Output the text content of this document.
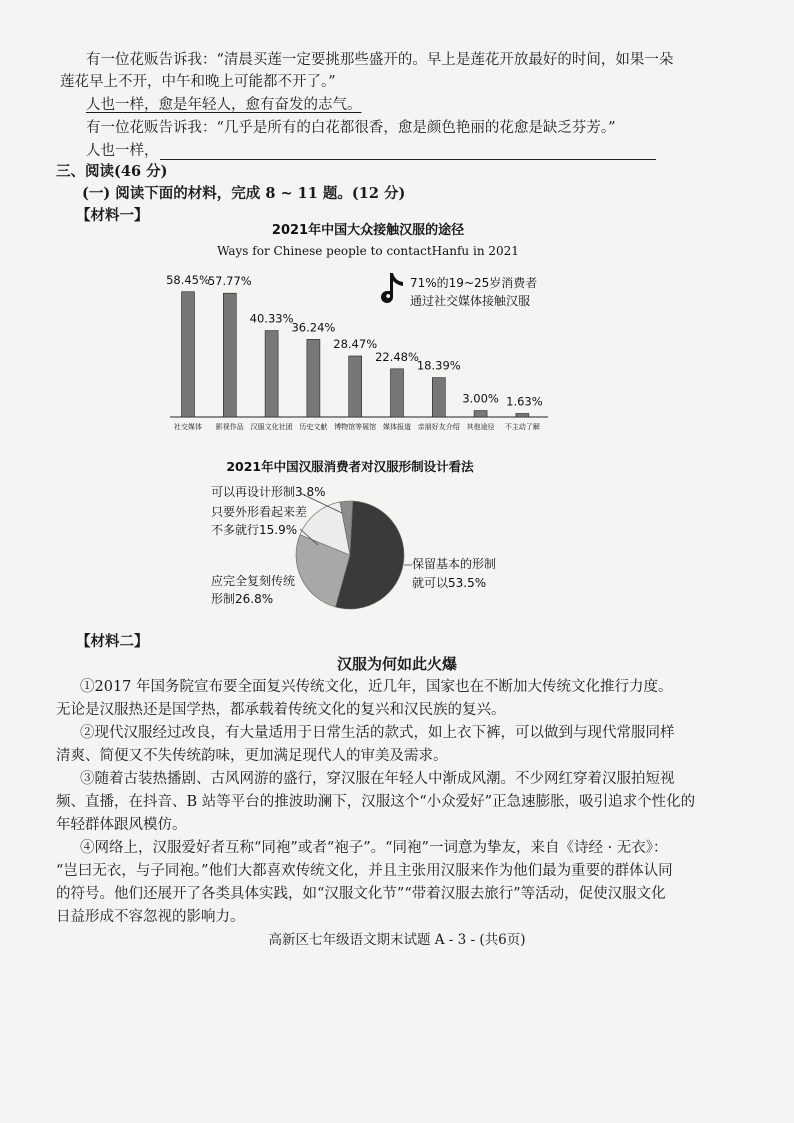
有一位花贩告诉我：“清晨买莲一定要挑那些盛开的。早上是莲花开放最好的时间，如果一朵
莲花早上不开，中午和晚上可能都不开了。”
人也一样，愈是年轻人，愈有奋发的志气。
有一位花贩告诉我：“几乎是所有的白花都很香，愈是颜色艳丽的花愈是缺乏芬芳。”
人也一样，
三、阅读(46 分)
(一) 阅读下面的材料，完成 8 ~ 11 题。(12 分)
【材料一】
2021年中国大众接触汉服的途径
Ways for Chinese people to contactHanfu in 2021
58.45%
社交媒体
57.77%
影视作品
40.33%
汉服文化社团
36.24%
历史文献
28.47%
博物馆等展馆
22.48%
媒体报道
18.39%
亲朋好友介绍
3.00%
其他途径
1.63%
不主动了解
71%的19~25岁消费者
通过社交媒体接触汉服
2021年中国汉服消费者对汉服形制设计看法
可以再设计形制3.8%
只要外形看起来差
不多就行15.9%
应完全复刻传统
形制26.8%
保留基本的形制
就可以53.5%
【材料二】
汉服为何如此火爆
①2017 年国务院宣布要全面复兴传统文化，近几年，国家也在不断加大传统文化推行力度。
无论是汉服热还是国学热，都承载着传统文化的复兴和汉民族的复兴。
②现代汉服经过改良，有大量适用于日常生活的款式，如上衣下裤，可以做到与现代常服同样
清爽、简便又不失传统韵味，更加满足现代人的审美及需求。
③随着古装热播剧、古风网游的盛行，穿汉服在年轻人中渐成风潮。不少网红穿着汉服拍短视
频、直播，在抖音、B 站等平台的推波助澜下，汉服这个“小众爱好”正急速膨胀，吸引追求个性化的
年轻群体跟风模仿。
④网络上，汉服爱好者互称“同袍”或者“袍子”。“同袍”一词意为挚友，来自《诗经 · 无衣》：
“岂曰无衣，与子同袍。”他们大都喜欢传统文化，并且主张用汉服来作为他们最为重要的群体认同
的符号。他们还展开了各类具体实践，如“汉服文化节”“带着汉服去旅行”等活动，促使汉服文化
日益形成不容忽视的影响力。
高新区七年级语文期末试题 A - 3 - (共6页)
